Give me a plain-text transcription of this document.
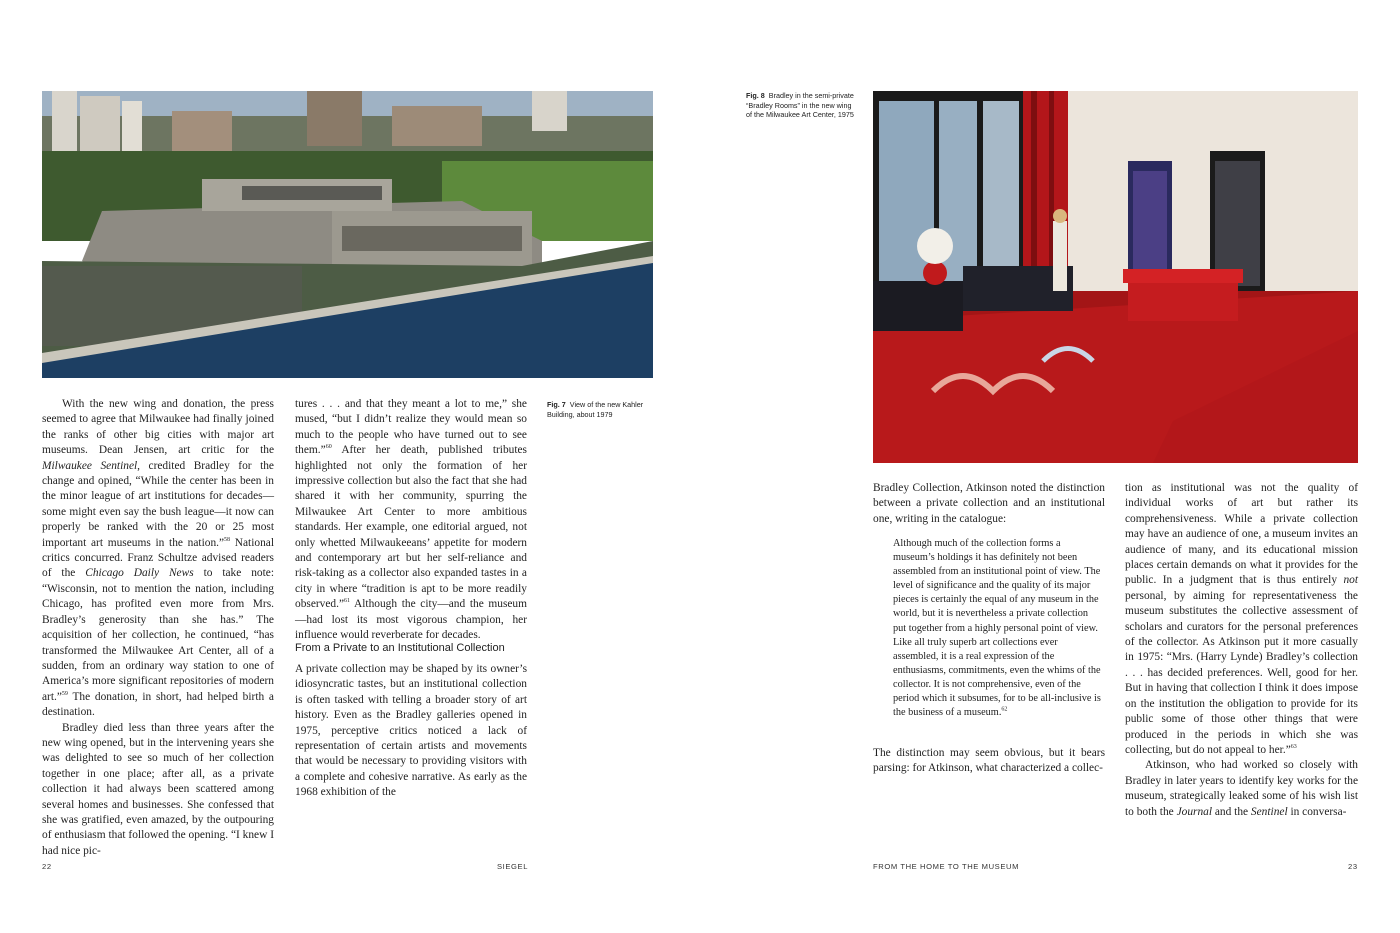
Fig. 7 View of the new Kahler Building, about 1979

With the new wing and donation, the press seemed to agree that Milwaukee had finally joined the ranks of other big cities with major art museums. Dean Jensen, art critic for the Milwaukee Sentinel, credited Bradley for the change and opined, “While the center has been in the minor league of art institutions for decades—some might even say the bush league—it now can properly be ranked with the 20 or 25 most important art museums in the nation.”$^{58}$ National critics concurred. Franz Schultze advised readers of the Chicago Daily News to take note: “Wisconsin, not to mention the nation, including Chicago, has profited even more from Mrs. Bradley’s generosity than she has.” The acquisition of her collection, he continued, “has transformed the Milwaukee Art Center, all of a sudden, from an ordinary way station to one of America’s more significant repositories of modern art.”$^{59}$ The donation, in short, had helped birth a destination.

Bradley died less than three years after the new wing opened, but in the intervening years she was delighted to see so much of her collection together in one place; after all, as a private collection it had always been scattered among several homes and businesses. She confessed that she was gratified, even amazed, by the outpouring of enthusiasm that followed the opening. “I knew I had nice pic-

tures . . . and that they meant a lot to me,” she mused, “but I didn’t realize they would mean so much to the people who have turned out to see them.”$^{60}$ After her death, published tributes highlighted not only the formation of her impressive collection but also the fact that she had shared it with her community, spurring the Milwaukee Art Center to more ambitious standards. Her example, one editorial argued, not only whetted Milwaukeeans’ appetite for modern and contemporary art but her self-reliance and risk-taking as a collector also expanded tastes in a city in where “tradition is apt to be more readily observed.”$^{61}$ Although the city—and the museum—had lost its most vigorous champion, her influence would reverberate for decades.

From a Private to an Institutional Collection

A private collection may be shaped by its owner’s idiosyncratic tastes, but an institutional collection is often tasked with telling a broader story of art history. Even as the Bradley galleries opened in 1975, perceptive critics noticed a lack of representation of certain artists and movements that would be necessary to providing visitors with a complete and cohesive narrative. As early as the 1968 exhibition of the

22	SIEGEL
Fig. 8 Bradley in the semi-private “Bradley Rooms” in the new wing of the Milwaukee Art Center, 1975

Bradley Collection, Atkinson noted the distinction between a private collection and an institutional one, writing in the catalogue:

Although much of the collection forms a museum’s holdings it has definitely not been assembled from an institutional point of view. The level of significance and the quality of its major pieces is certainly the equal of any museum in the world, but it is nevertheless a private collection put together from a highly personal point of view. Like all truly superb art collections ever assembled, it is a real expression of the enthusiasms, commitments, even the whims of the collector. It is not comprehensive, even of the period which it subsumes, for to be all-inclusive is the business of a museum.$^{62}$

The distinction may seem obvious, but it bears parsing: for Atkinson, what characterized a collec-

tion as institutional was not the quality of individual works of art but rather its comprehensiveness. While a private collection may have an audience of one, a museum invites an audience of many, and its educational mission places certain demands on what it provides for the public. In a judgment that is thus entirely not personal, by aiming for representativeness the museum substitutes the collective assessment of scholars and curators for the personal preferences of the collector. As Atkinson put it more casually in 1975: “Mrs. (Harry Lynde) Bradley’s collection . . . has decided preferences. Well, good for her. But in having that collection I think it does impose on the institution the obligation to provide for its public some of those other things that were produced in the periods in which she was collecting, but do not appeal to her.”$^{63}$

Atkinson, who had worked so closely with Bradley in later years to identify key works for the museum, strategically leaked some of his wish list to both the Journal and the Sentinel in conversa-

FROM THE HOME TO THE MUSEUM	23
